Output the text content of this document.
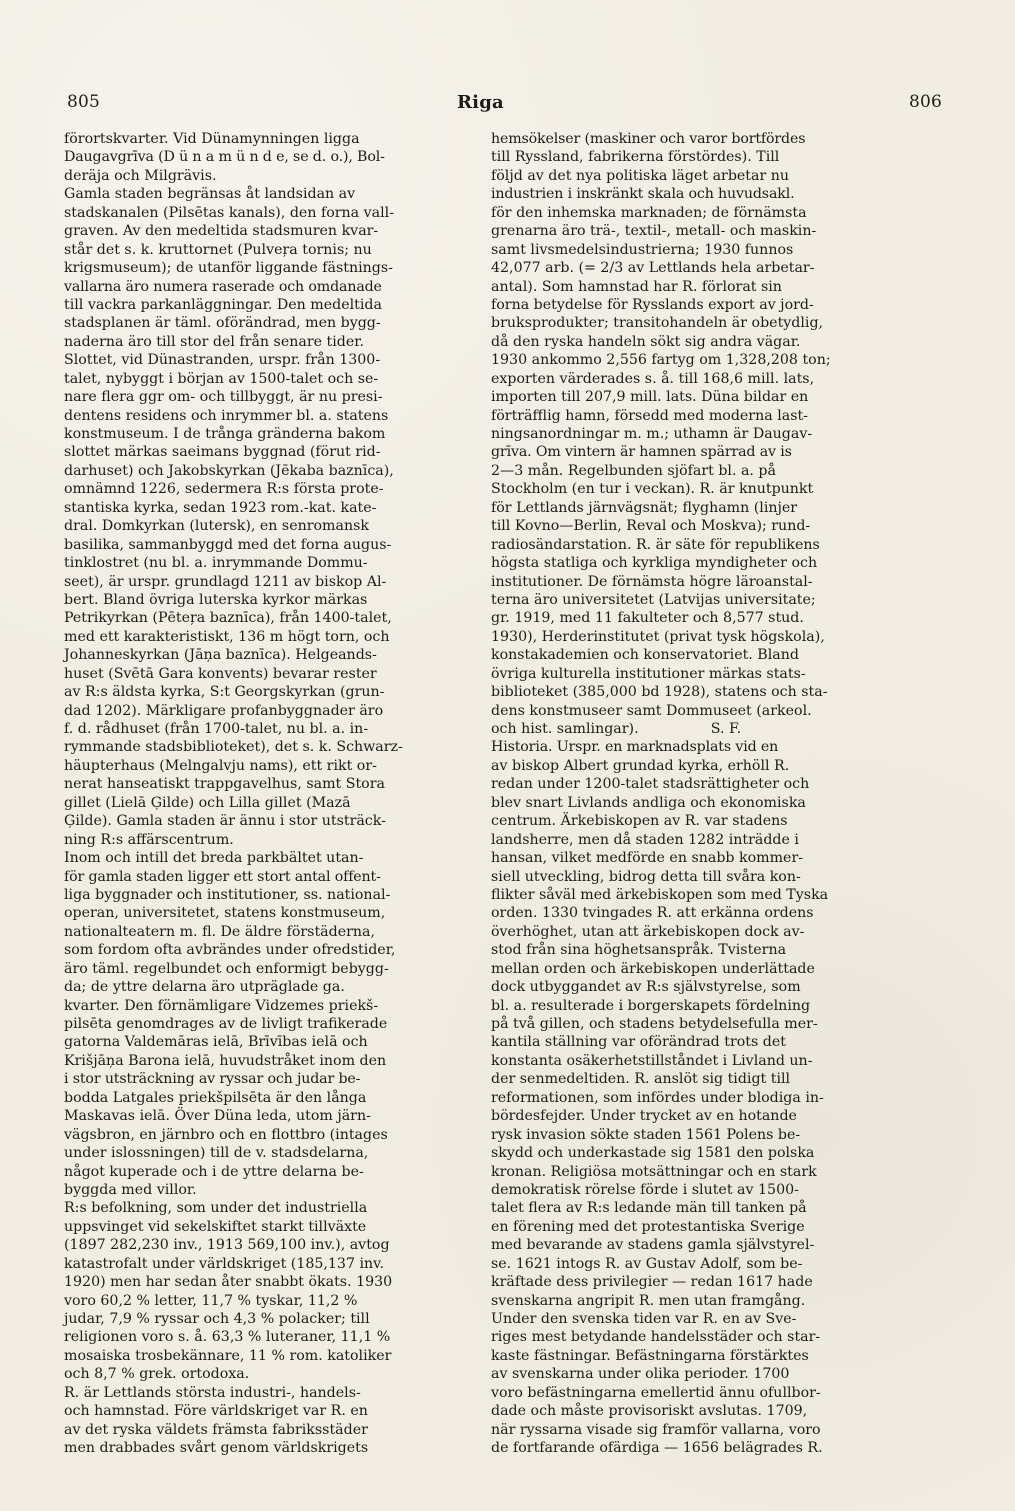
805	Riga	806
förortskvarter. Vid Dünamynningen ligga
Daugavgrīva (D ü n a m ü n d e, se d. o.), Bol-
deräja och Milgrävis.
Gamla staden begränsas åt landsidan av
stadskanalen (Pilsētas kanals), den forna vall-
graven. Av den medeltida stadsmuren kvar-
står det s. k. kruttornet (Pulveŗa tornis; nu
krigsmuseum); de utanför liggande fästnings-
vallarna äro numera raserade och omdanade
till vackra parkanläggningar. Den medeltida
stadsplanen är täml. oförändrad, men bygg-
naderna äro till stor del från senare tider.
Slottet, vid Dünastranden, urspr. från 1300-
talet, nybyggt i början av 1500-talet och se-
nare flera ggr om- och tillbyggt, är nu presi-
dentens residens och inrymmer bl. a. statens
konstmuseum. I de trånga gränderna bakom
slottet märkas saeimans byggnad (förut rid-
darhuset) och Jakobskyrkan (Jēkaba baznīca),
omnämnd 1226, sedermera R:s första prote-
stantiska kyrka, sedan 1923 rom.-kat. kate-
dral. Domkyrkan (lutersk), en senromansk
basilika, sammanbyggd med det forna augus-
tinklostret (nu bl. a. inrymmande Dommu-
seet), är urspr. grundlagd 1211 av biskop Al-
bert. Bland övriga luterska kyrkor märkas
Petrikyrkan (Pēteŗa baznīca), från 1400-talet,
med ett karakteristiskt, 136 m högt torn, och
Johanneskyrkan (Jāņa baznīca). Helgeands-
huset (Svētā Gara konvents) bevarar rester
av R:s äldsta kyrka, S:t Georgskyrkan (grun-
dad 1202). Märkligare profanbyggnader äro
f. d. rådhuset (från 1700-talet, nu bl. a. in-
rymmande stadsbiblioteket), det s. k. Schwarz-
häupterhaus (Melngalvju nams), ett rikt or-
nerat hanseatiskt trappgavelhus, samt Stora
gillet (Lielā Ģilde) och Lilla gillet (Mazā
Ģilde). Gamla staden är ännu i stor utsträck-
ning R:s affärscentrum.
Inom och intill det breda parkbältet utan-
för gamla staden ligger ett stort antal offent-
liga byggnader och institutioner, ss. national-
operan, universitetet, statens konstmuseum,
nationalteatern m. fl. De äldre förstäderna,
som fordom ofta avbrändes under ofredstider,
äro täml. regelbundet och enformigt bebygg-
da; de yttre delarna äro utpräglade ga.
kvarter. Den förnämligare Vidzemes priekš-
pilsēta genomdrages av de livligt trafikerade
gatorna Valdemāras ielā, Brīvības ielā och
Krišjāņa Barona ielā, huvudstråket inom den
i stor utsträckning av ryssar och judar be-
bodda Latgales priekšpilsēta är den långa
Maskavas ielā. Över Düna leda, utom järn-
vägsbron, en järnbro och en flottbro (intages
under islossningen) till de v. stadsdelarna,
något kuperade och i de yttre delarna be-
byggda med villor.
R:s befolkning, som under det industriella
uppsvinget vid sekelskiftet starkt tillväxte
(1897 282,230 inv., 1913 569,100 inv.), avtog
katastrofalt under världskriget (185,137 inv.
1920) men har sedan åter snabbt ökats. 1930
voro 60,2 % letter, 11,7 % tyskar, 11,2 %
judar, 7,9 % ryssar och 4,3 % polacker; till
religionen voro s. å. 63,3 % luteraner, 11,1 %
mosaiska trosbekännare, 11 % rom. katoliker
och 8,7 % grek. ortodoxa.
R. är Lettlands största industri-, handels-
och hamnstad. Före världskriget var R. en
av det ryska väldets främsta fabriksstäder
men drabbades svårt genom världskrigets
hemsökelser (maskiner och varor bortfördes
till Ryssland, fabrikerna förstördes). Till
följd av det nya politiska läget arbetar nu
industrien i inskränkt skala och huvudsakl.
för den inhemska marknaden; de förnämsta
grenarna äro trä-, textil-, metall- och maskin-
samt livsmedelsindustrierna; 1930 funnos
42,077 arb. (= 2/3 av Lettlands hela arbetar-
antal). Som hamnstad har R. förlorat sin
forna betydelse för Rysslands export av jord-
bruksprodukter; transitohandeln är obetydlig,
då den ryska handeln sökt sig andra vägar.
1930 ankommo 2,556 fartyg om 1,328,208 ton;
exporten värderades s. å. till 168,6 mill. lats,
importen till 207,9 mill. lats. Düna bildar en
förträfflig hamn, försedd med moderna last-
ningsanordningar m. m.; uthamn är Daugav-
grīva. Om vintern är hamnen spärrad av is
2—3 mån. Regelbunden sjöfart bl. a. på
Stockholm (en tur i veckan). R. är knutpunkt
för Lettlands järnvägsnät; flyghamn (linjer
till Kovno—Berlin, Reval och Moskva); rund-
radiosändarstation. R. är säte för republikens
högsta statliga och kyrkliga myndigheter och
institutioner. De förnämsta högre läroanstal-
terna äro universitetet (Latvijas universitate;
gr. 1919, med 11 fakulteter och 8,577 stud.
1930), Herderinstitutet (privat tysk högskola),
konstakademien och konservatoriet. Bland
övriga kulturella institutioner märkas stats-
biblioteket (385,000 bd 1928), statens och sta-
dens konstmuseer samt Dommuseet (arkeol.
och hist. samlingar).                S. F.
Historia. Urspr. en marknadsplats vid en
av biskop Albert grundad kyrka, erhöll R.
redan under 1200-talet stadsrättigheter och
blev snart Livlands andliga och ekonomiska
centrum. Ärkebiskopen av R. var stadens
landsherre, men då staden 1282 inträdde i
hansan, vilket medförde en snabb kommer-
siell utveckling, bidrog detta till svåra kon-
flikter såväl med ärkebiskopen som med Tyska
orden. 1330 tvingades R. att erkänna ordens
överhöghet, utan att ärkebiskopen dock av-
stod från sina höghetsanspråk. Tvisterna
mellan orden och ärkebiskopen underlättade
dock utbyggandet av R:s självstyrelse, som
bl. a. resulterade i borgerskapets fördelning
på två gillen, och stadens betydelsefulla mer-
kantila ställning var oförändrad trots det
konstanta osäkerhetstillståndet i Livland un-
der senmedeltiden. R. anslöt sig tidigt till
reformationen, som infördes under blodiga in-
bördesfejder. Under trycket av en hotande
rysk invasion sökte staden 1561 Polens be-
skydd och underkastade sig 1581 den polska
kronan. Religiösa motsättningar och en stark
demokratisk rörelse förde i slutet av 1500-
talet flera av R:s ledande män till tanken på
en förening med det protestantiska Sverige
med bevarande av stadens gamla självstyrel-
se. 1621 intogs R. av Gustav Adolf, som be-
kräftade dess privilegier — redan 1617 hade
svenskarna angripit R. men utan framgång.
Under den svenska tiden var R. en av Sve-
riges mest betydande handelsstäder och star-
kaste fästningar. Befästningarna förstärktes
av svenskarna under olika perioder. 1700
voro befästningarna emellertid ännu ofullbor-
dade och måste provisoriskt avslutas. 1709,
när ryssarna visade sig framför vallarna, voro
de fortfarande ofärdiga — 1656 belägrades R.
